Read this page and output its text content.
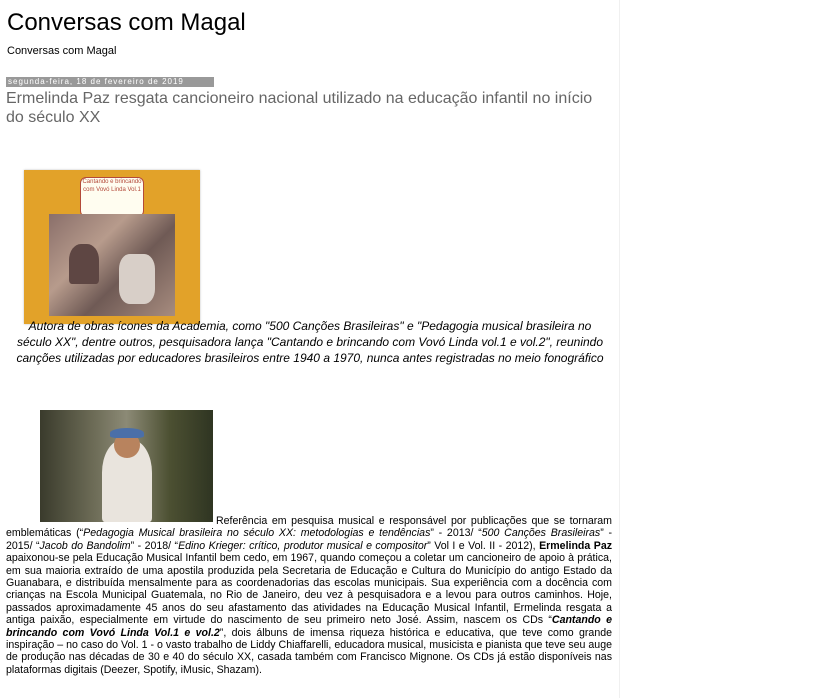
Conversas com Magal
Conversas com Magal
segunda-feira, 18 de fevereiro de 2019
Ermelinda Paz resgata cancioneiro nacional utilizado na educação infantil no início do século XX
Cantando e brincando com Vovó Linda Vol.1
Autora de obras ícones da Academia, como "500 Canções Brasileiras" e "Pedagogia musical brasileira no século XX", dentre outros, pesquisadora lança "Cantando e brincando com Vovó Linda vol.1 e vol.2", reunindo canções utilizadas por educadores brasileiros entre 1940 a 1970, nunca antes registradas no meio fonográfico
Referência em pesquisa musical e responsável por publicações que se tornaram emblemáticas (“Pedagogia Musical brasileira no século XX: metodologias e tendências” - 2013/ “500 Canções Brasileiras” - 2015/ “Jacob do Bandolim” - 2018/ “Edino Krieger: crítico, produtor musical e compositor” Vol I e Vol. II - 2012), Ermelinda Paz apaixonou-se pela Educação Musical Infantil bem cedo, em 1967, quando começou a coletar um cancioneiro de apoio à prática, em sua maioria extraído de uma apostila produzida pela Secretaria de Educação e Cultura do Município do antigo Estado da Guanabara, e distribuída mensalmente para as coordenadorias das escolas municipais. Sua experiência com a docência com crianças na Escola Municipal Guatemala, no Rio de Janeiro, deu vez à pesquisadora e a levou para outros caminhos. Hoje, passados aproximadamente 45 anos do seu afastamento das atividades na Educação Musical Infantil, Ermelinda resgata a antiga paixão, especialmente em virtude do nascimento de seu primeiro neto José. Assim, nascem os CDs “Cantando e brincando com Vovó Linda Vol.1 e vol.2”, dois álbuns de imensa riqueza histórica e educativa, que teve como grande inspiração – no caso do Vol. 1 - o vasto trabalho de Liddy Chiaffarelli, educadora musical, musicista e pianista que teve seu auge de produção nas décadas de 30 e 40 do século XX, casada também com Francisco Mignone. Os CDs já estão disponíveis nas plataformas digitais (Deezer, Spotify, iMusic, Shazam).
